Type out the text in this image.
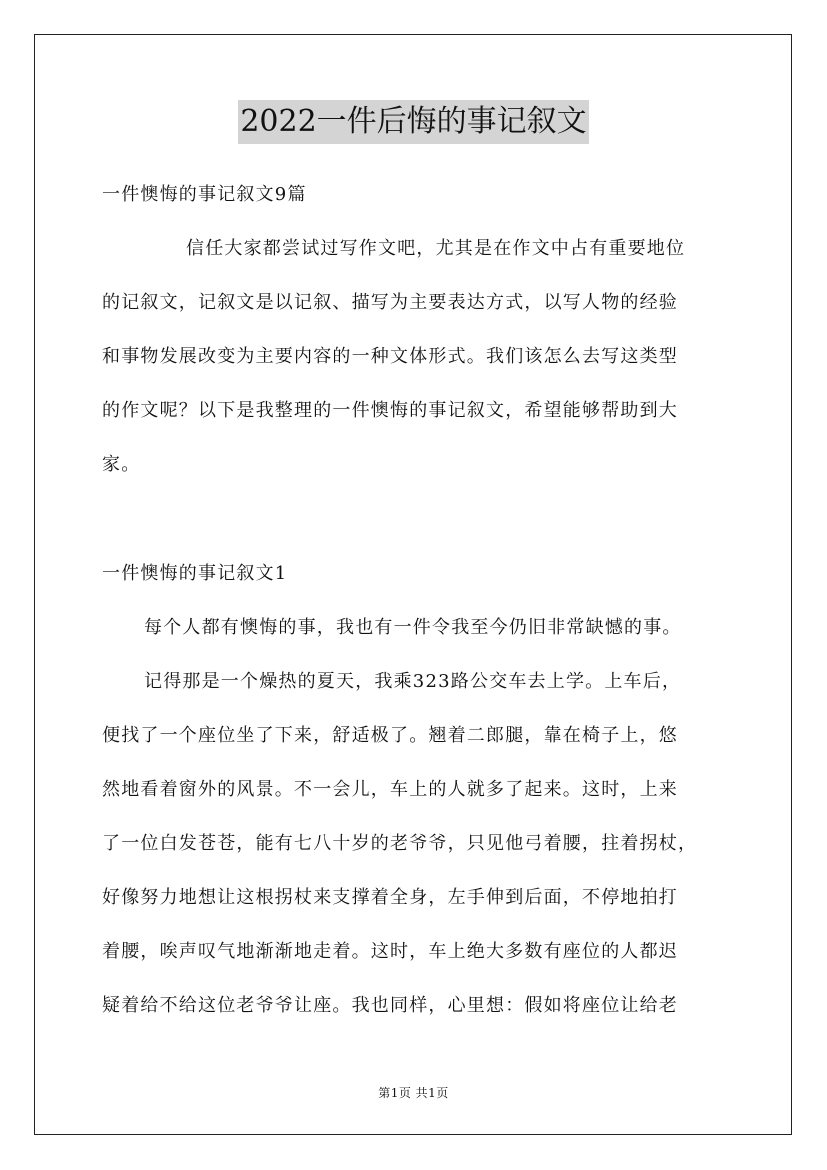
2022一件后悔的事记叙文
一件懊悔的事记叙文9篇
信任大家都尝试过写作文吧，尤其是在作文中占有重要地位
的记叙文，记叙文是以记叙、描写为主要表达方式，以写人物的经验
和事物发展改变为主要内容的一种文体形式。我们该怎么去写这类型
的作文呢？以下是我整理的一件懊悔的事记叙文，希望能够帮助到大
家。
一件懊悔的事记叙文1
每个人都有懊悔的事，我也有一件令我至今仍旧非常缺憾的事。
记得那是一个燥热的夏天，我乘323路公交车去上学。上车后，
便找了一个座位坐了下来，舒适极了。翘着二郎腿，靠在椅子上，悠
然地看着窗外的风景。不一会儿，车上的人就多了起来。这时，上来
了一位白发苍苍，能有七八十岁的老爷爷，只见他弓着腰，拄着拐杖，
好像努力地想让这根拐杖来支撑着全身，左手伸到后面，不停地拍打
着腰，唉声叹气地渐渐地走着。这时，车上绝大多数有座位的人都迟
疑着给不给这位老爷爷让座。我也同样，心里想：假如将座位让给老
第1页 共1页
